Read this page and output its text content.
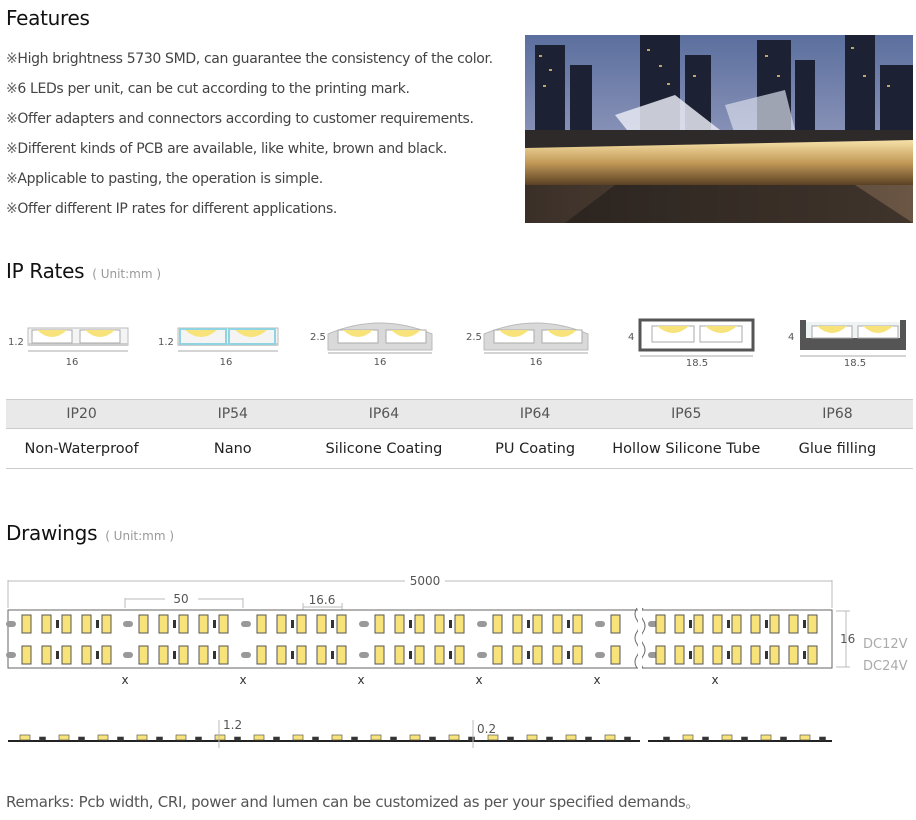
Features
※High brightness 5730 SMD, can guarantee the consistency of the color.
※6 LEDs per unit, can be cut according to the printing mark.
※Offer adapters and connectors according to customer requirements.
※Different kinds of PCB are available, like white, brown and black.
※Applicable to pasting, the operation is simple.
※Offer different IP rates for different applications.
IP Rates ( Unit:mm )
1.2
16
1.2
16
2.5
16
2.5
16
4
18.5
4
18.5
IP20	IP54	IP64	IP64	IP65	IP68
Non-Waterproof	Nano	Silicone Coating	PU Coating	Hollow Silicone Tube	Glue filling
Drawings ( Unit:mm )
5000
50	16.6
16 DC12V
DC24V
x	x	x	x	x	x
1.2	0.2
Remarks: Pcb width, CRI, power and lumen can be customized as per your specified demands。
